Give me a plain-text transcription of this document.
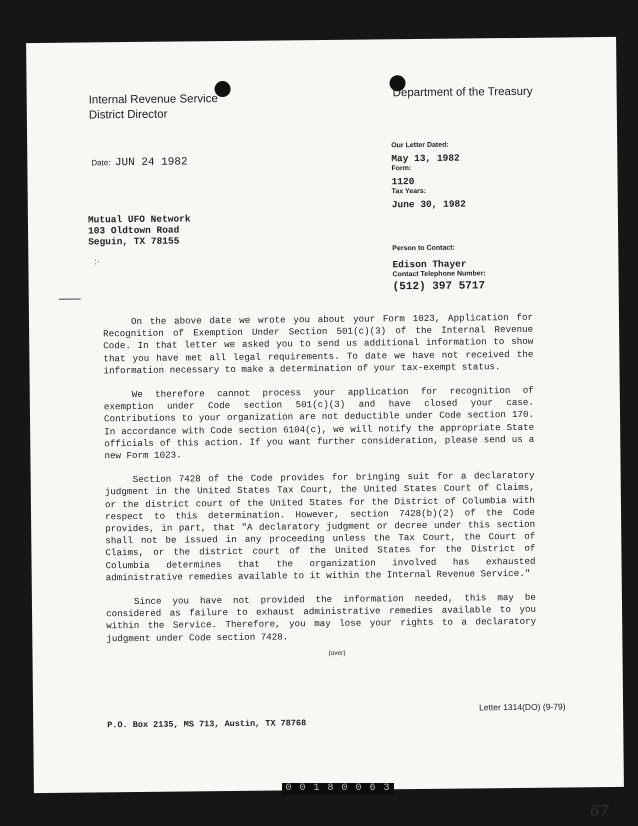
Internal Revenue Service
District Director
Department of the Treasury
Date: JUN 24 1982
Our Letter Dated:
May 13, 1982
Form:
1120
Tax Years:
June 30, 1982
Person to Contact:
Edison Thayer
Contact Telephone Number:
(512) 397 5717
:·
Mutual UFO Network
103 Oldtown Road
Seguin, TX 78155

On the above date we wrote you about your Form 1023, Application for Recognition of Exemption Under Section 501(c)(3) of the Internal Revenue Code. In that letter we asked you to send us additional information to show that you have met all legal requirements. To date we have not received the information necessary to make a determination of your tax-exempt status.

We therefore cannot process your application for recognition of exemption under Code section 501(c)(3) and have closed your case. Contributions to your organization are not deductible under Code section 170. In accordance with Code section 6104(c), we will notify the appropriate State officials of this action. If you want further consideration, please send us a new Form 1023.

Section 7428 of the Code provides for bringing suit for a declaratory judgment in the United States Tax Court, the United States Court of Claims, or the district court of the United States for the District of Columbia with respect to this determination. However, section 7428(b)(2) of the Code provides, in part, that "A declaratory judgment or decree under this section shall not be issued in any proceeding unless the Tax Court, the Court of Claims, or the district court of the United States for the District of Columbia determines that the organization involved has exhausted administrative remedies available to it within the Internal Revenue Service."

Since you have not provided the information needed, this may be considered as failure to exhaust administrative remedies available to you within the Service. Therefore, you may lose your rights to a declaratory judgment under Code section 7428.

(over)
P.O. Box 2135, MS 713, Austin, TX 78768
Letter 1314(DO) (9-79)
0 0 1 8 0 0 6 3
67
